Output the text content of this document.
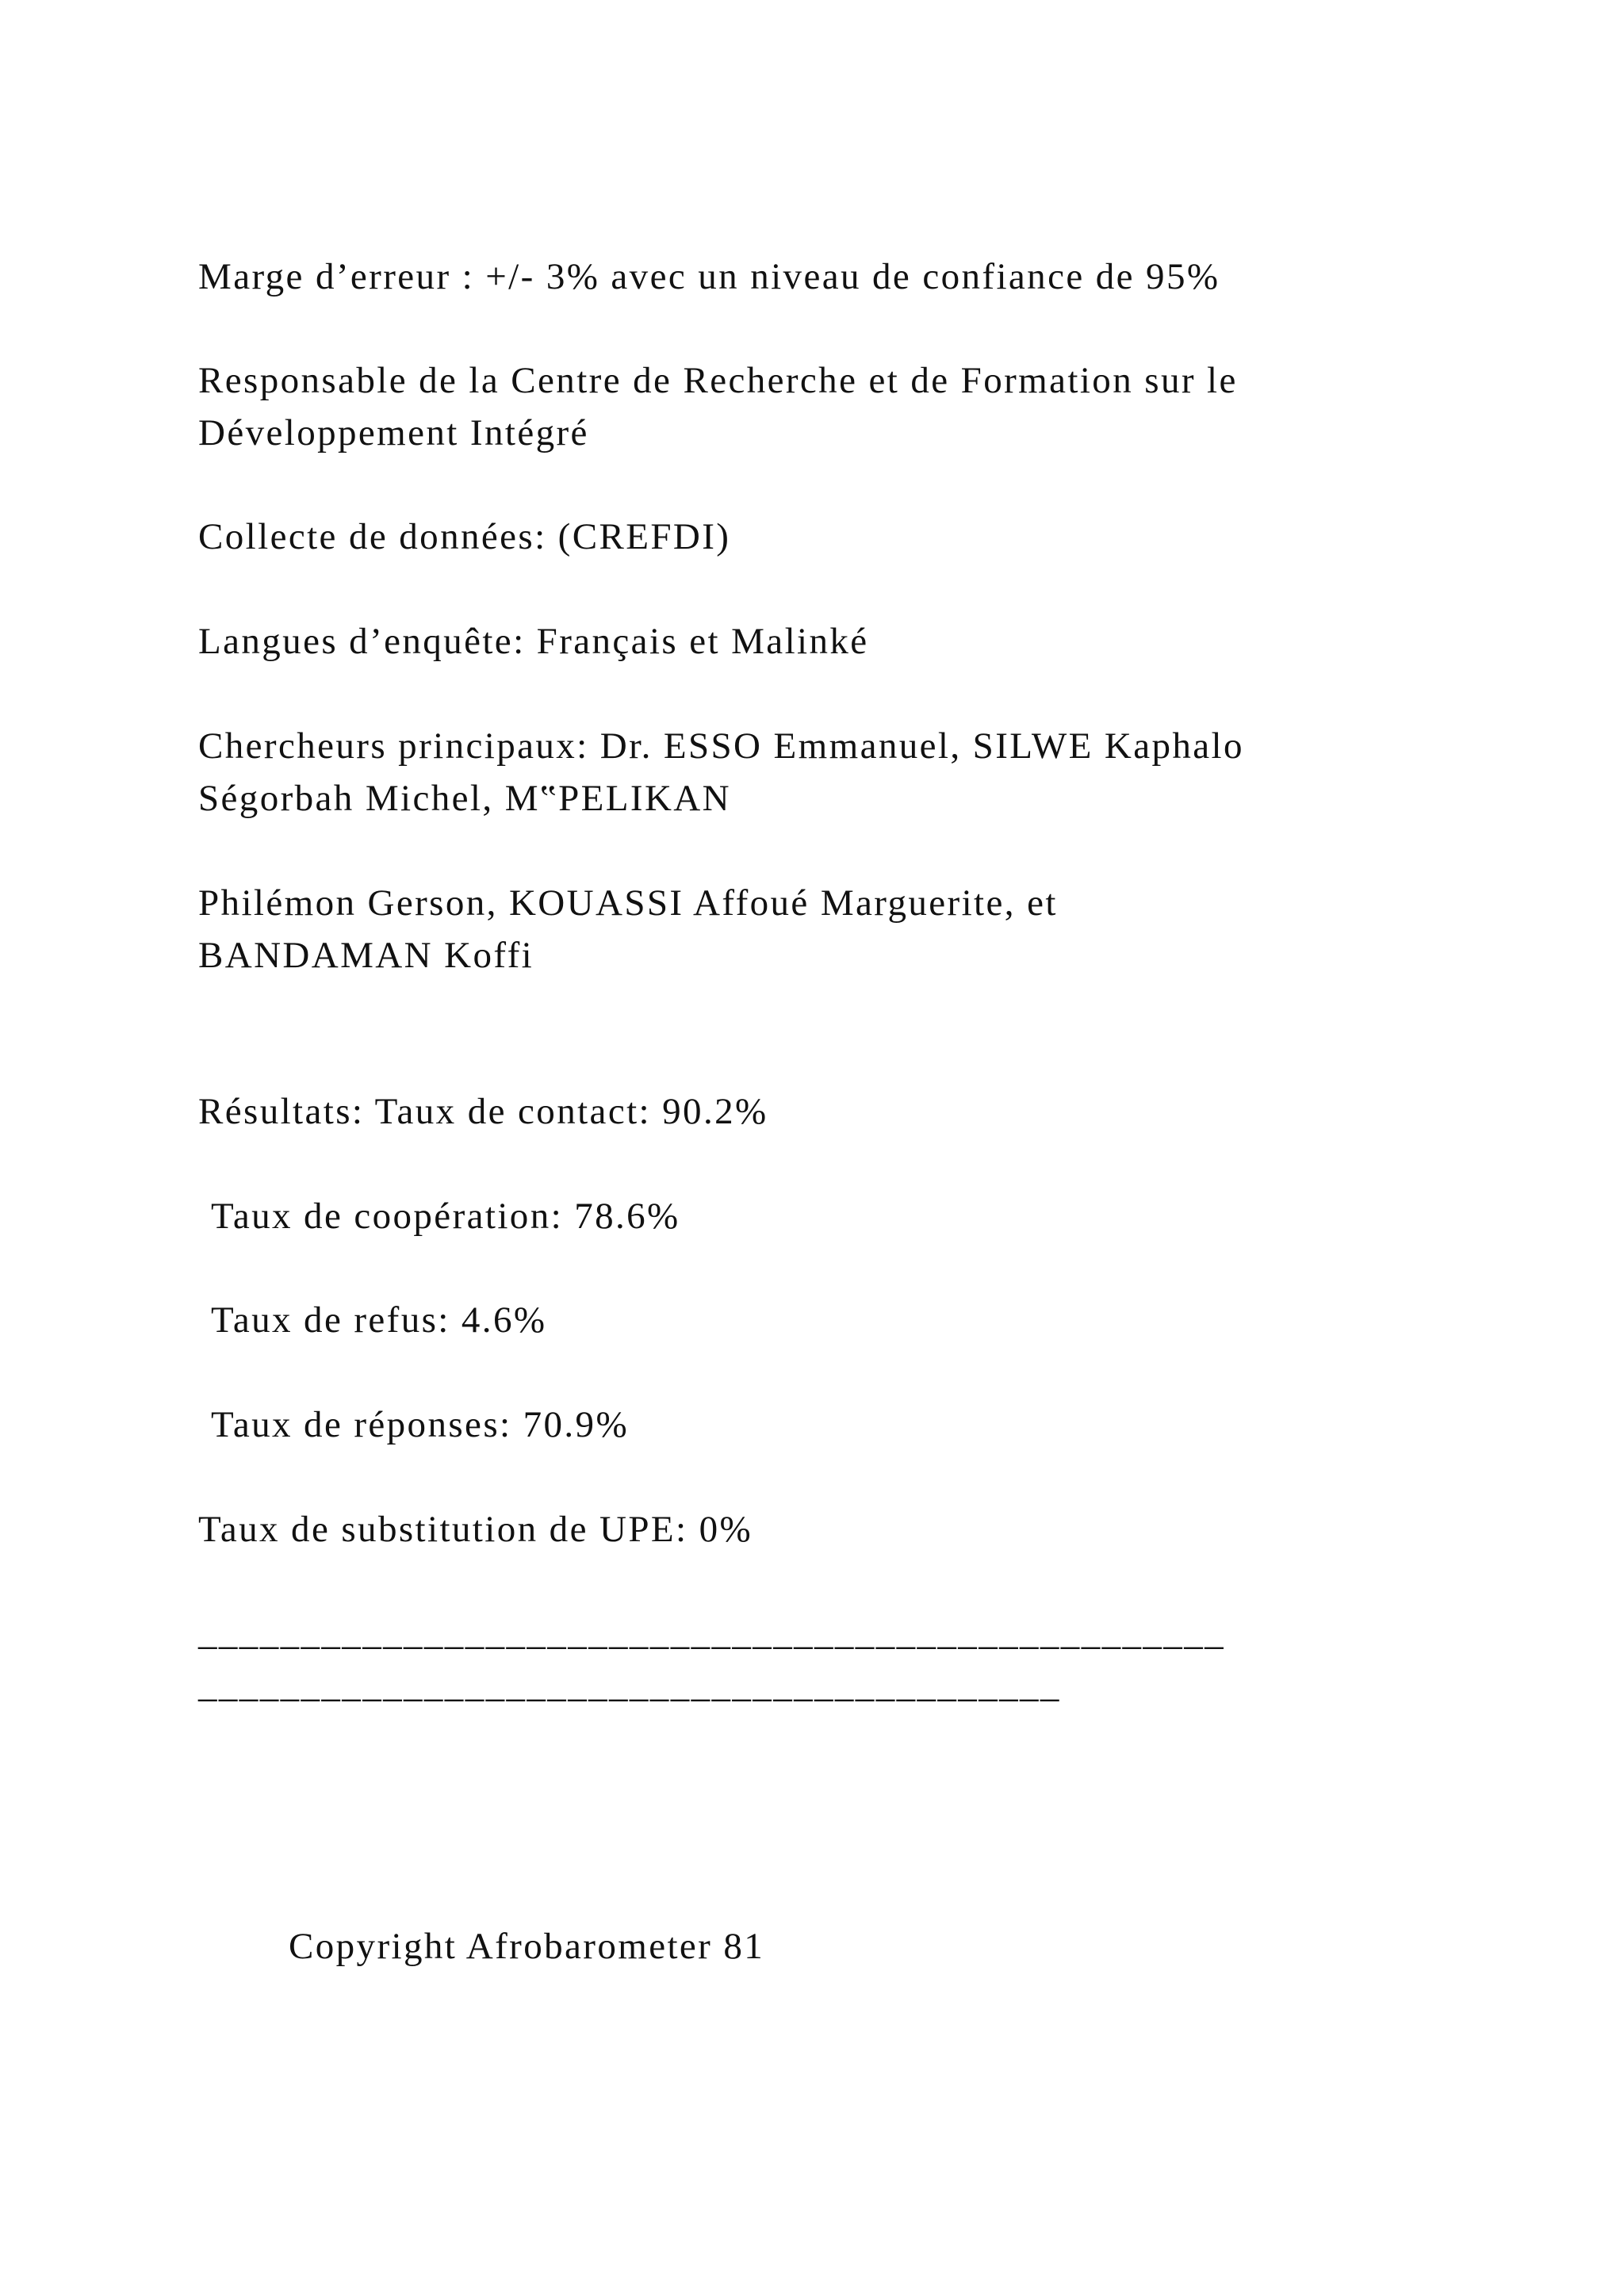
Marge d’erreur : +/- 3% avec un niveau de confiance de 95%
Responsable de la Centre de Recherche et de Formation sur le
Développement Intégré
Collecte de données: (CREFDI)
Langues d’enquête: Français et Malinké
Chercheurs principaux: Dr. ESSO Emmanuel, SILWE Kaphalo
Ségorbah Michel, M‟PELIKAN
Philémon Gerson, KOUASSI Affoué Marguerite, et
BANDAMAN Koffi
Résultats: Taux de contact: 90.2%
Taux de coopération: 78.6%
Taux de refus: 4.6%
Taux de réponses: 70.9%
Taux de substitution de UPE: 0%
__________________________________________________
__________________________________________
Copyright Afrobarometer 81
